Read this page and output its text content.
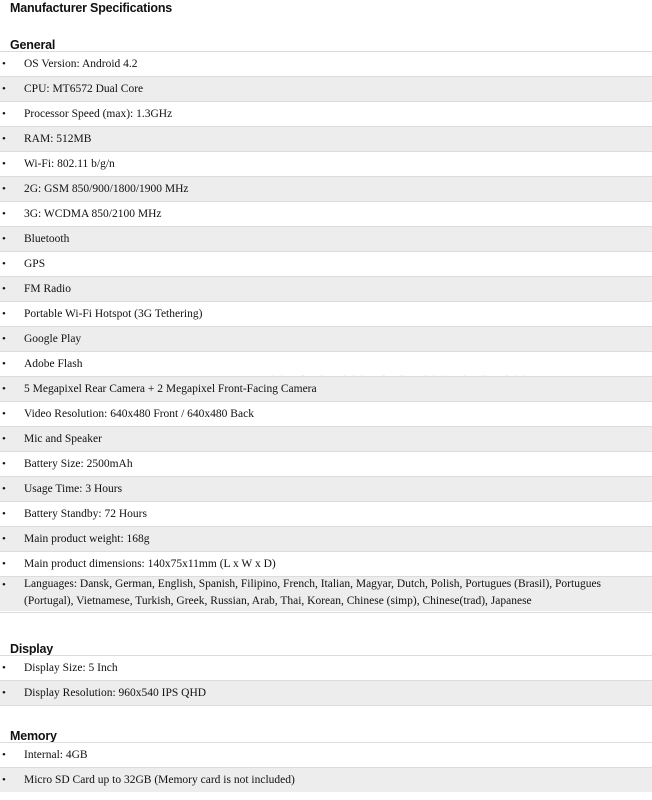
Manufacturer Specifications
General
• OS Version: Android 4.2
• CPU: MT6572 Dual Core
• Processor Speed (max): 1.3GHz
• RAM: 512MB
• Wi-Fi: 802.11 b/g/n
• 2G: GSM 850/900/1800/1900 MHz
• 3G: WCDMA 850/2100 MHz
• Bluetooth
• GPS
• FM Radio
• Portable Wi-Fi Hotspot (3G Tethering)
• Google Play
• Adobe Flash
• 5 Megapixel Rear Camera + 2 Megapixel Front-Facing Camera
• Video Resolution: 640x480 Front / 640x480 Back
• Mic and Speaker
• Battery Size: 2500mAh
• Usage Time: 3 Hours
• Battery Standby: 72 Hours
• Main product weight: 168g
• Main product dimensions: 140x75x11mm (L x W x D)
• Languages: Dansk, German, English, Spanish, Filipino, French, Italian, Magyar, Dutch, Polish, Portugues (Brasil), Portugues (Portugal), Vietnamese, Turkish, Greek, Russian, Arab, Thai, Korean, Chinese (simp), Chinese(trad), Japanese
Display
• Display Size: 5 Inch
• Display Resolution: 960x540 IPS QHD
Memory
• Internal: 4GB
• Micro SD Card up to 32GB (Memory card is not included)
